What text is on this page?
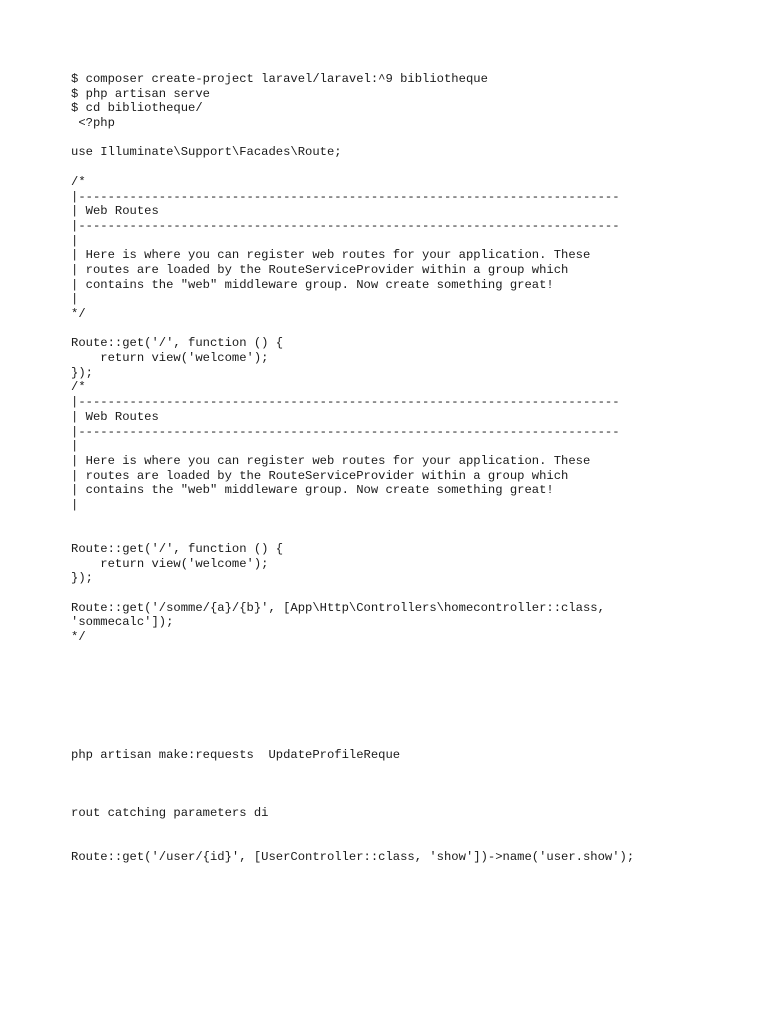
$ composer create-project laravel/laravel:^9 bibliotheque
$ php artisan serve
$ cd bibliotheque/
<?php
use Illuminate\Support\Facades\Route;
/*
|--------------------------------------------------------------------------
| Web Routes
|--------------------------------------------------------------------------
|
| Here is where you can register web routes for your application. These
| routes are loaded by the RouteServiceProvider within a group which
| contains the "web" middleware group. Now create something great!
|
*/
Route::get('/', function () {
return view('welcome');
});
/*
|--------------------------------------------------------------------------
| Web Routes
|--------------------------------------------------------------------------
|
| Here is where you can register web routes for your application. These
| routes are loaded by the RouteServiceProvider within a group which
| contains the "web" middleware group. Now create something great!
|
Route::get('/', function () {
return view('welcome');
});
Route::get('/somme/{a}/{b}', [App\Http\Controllers\homecontroller::class,
'sommecalc']);
*/
php artisan make:requests  UpdateProfileReque
rout catching parameters di
Route::get('/user/{id}', [UserController::class, 'show'])->name('user.show');
